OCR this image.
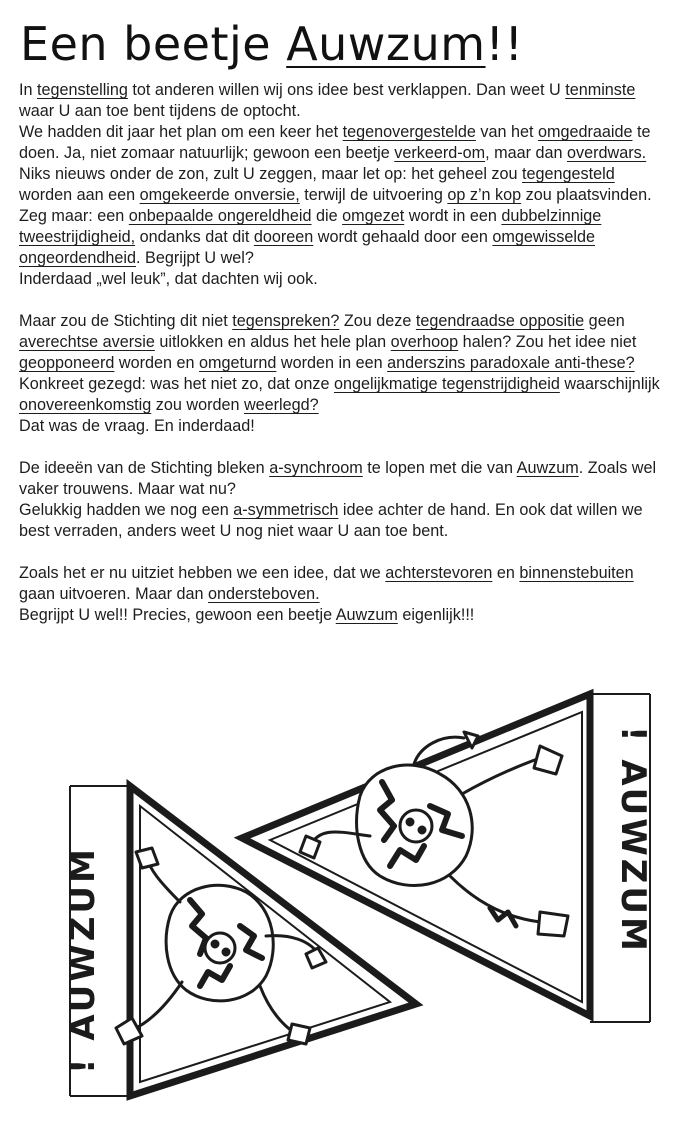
Een beetje Auwzum!!

In tegenstelling tot anderen willen wij ons idee best verklappen. Dan weet U tenminste waar U aan toe bent tijdens de optocht.
We hadden dit jaar het plan om een keer het tegenovergestelde van het omgedraaide te doen. Ja, niet zomaar natuurlijk; gewoon een beetje verkeerd-om, maar dan overdwars.
Niks nieuws onder de zon, zult U zeggen, maar let op: het geheel zou tegengesteld worden aan een omgekeerde onversie, terwijl de uitvoering op z’n kop zou plaatsvinden.
Zeg maar: een onbepaalde ongereldheid die omgezet wordt in een dubbelzinnige tweestrijdigheid, ondanks dat dit dooreen wordt gehaald door een omgewisselde ongeordendheid. Begrijpt U wel?
Inderdaad „wel leuk”, dat dachten wij ook.

Maar zou de Stichting dit niet tegenspreken? Zou deze tegendraadse oppositie geen averechtse aversie uitlokken en aldus het hele plan overhoop halen? Zou het idee niet geopponeerd worden en omgeturnd worden in een anderszins paradoxale anti-these?
Konkreet gezegd: was het niet zo, dat onze ongelijkmatige tegenstrijdigheid waarschijnlijk onovereenkomstig zou worden weerlegd?
Dat was de vraag. En inderdaad!

De ideeën van de Stichting bleken a-synchroom te lopen met die van Auwzum. Zoals wel vaker trouwens. Maar wat nu?
Gelukkig hadden we nog een a-symmetrisch idee achter de hand. En ook dat willen we best verraden, anders weet U nog niet waar U aan toe bent.

Zoals het er nu uitziet hebben we een idee, dat we achterstevoren en binnenstebuiten gaan uitvoeren. Maar dan ondersteboven.
Begrijpt U wel!! Precies, gewoon een beetje Auwzum eigenlijk!!!

! AUWZUM
! AUWZUM
